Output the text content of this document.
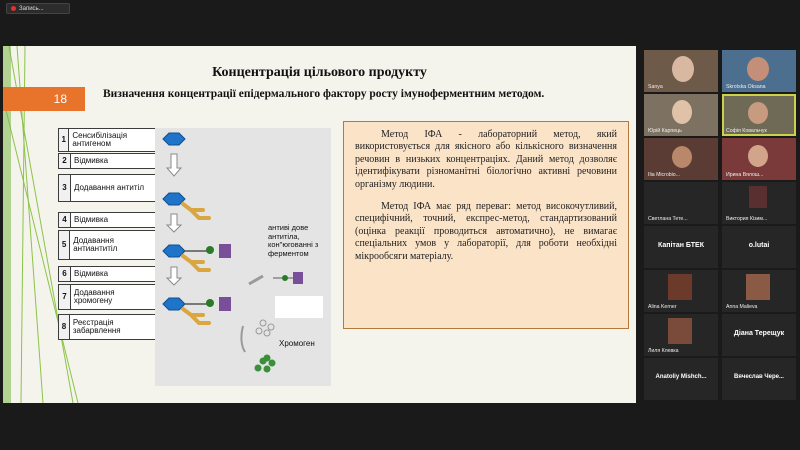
Запись...
18
Концентрація цільового продукту
Визначення концентрації епідермального фактору росту імуноферментним методом.
1 Сенсибілізація антигеном
2 Відмивка
3 Додавання антитіл
4 Відмивка
5 Додавання антиантитіл
6 Відмивка
7 Додавання хромогену
8 Реєстрація забарвлення
антиві дове антитіла, кон"югованні з ферментом
Хромоген

Метод ІФА - лабораторний метод, який використовується для якісного або кількісного визначення речовин в низьких концентраціях. Даний метод дозволяє ідентифікувати різноманітні біологічно активні речовини організму людини.

Метод ІФА має ряд переваг: метод високочутливий, специфічний, точний, експрес-метод, стандартизований (оцінка реакції проводиться автоматично), не вимагає спеціальних умов у лабораторії, для роботи необхідні мікрообсяги матеріалу.

Sanya	Skrotska Oksana
Юрій Карпець	Софія Ковальчук
Ilia Microbio...	Ирина Вялош...
Светлана Тете...	Виктория Кізим...
Капітан БТЕК	o.lutai
Alina Kerner	Anna Malieva
Лиля Клевка
Діана Терещук
Anatoliy Mishch...	Вячеслав Чере...
